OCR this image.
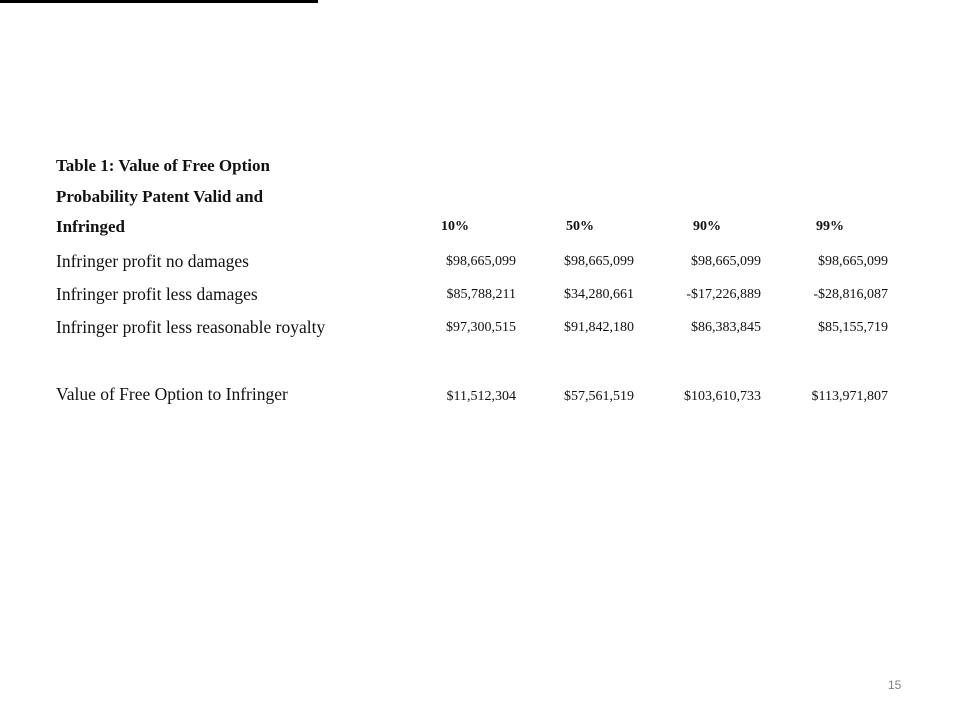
Table 1: Value of Free Option
Probability Patent Valid and
Infringed	10%	50%	90%	99%
Infringer profit no damages	$98,665,099	$98,665,099	$98,665,099	$98,665,099
Infringer profit less damages	$85,788,211	$34,280,661	-$17,226,889	-$28,816,087
Infringer profit less reasonable royalty	$97,300,515	$91,842,180	$86,383,845	$85,155,719
Value of Free Option to Infringer	$11,512,304	$57,561,519	$103,610,733	$113,971,807
15
